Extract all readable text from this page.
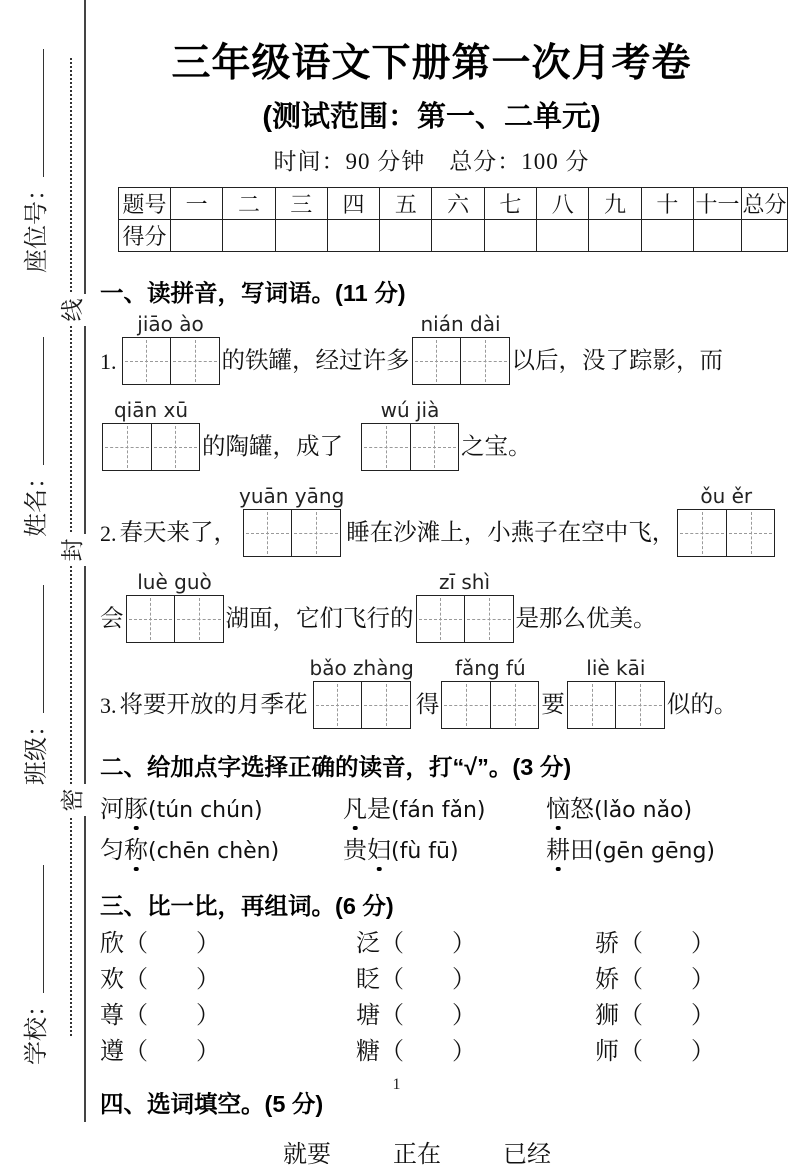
学校： 班级： 姓名： 座位号：
密
封
线
三年级语文下册第一次月考卷
(测试范围：第一、二单元)
时间：90 分钟　总分：100 分
题号	一	二	三	四	五	六	七	八	九	十	十一	总分
得分												
一、读拼音，写词语。(11 分)
1.
jiāo ào
的铁罐，经过许多
nián dài
以后，没了踪影，而
qiān xū
的陶罐，成了
wú jià
之宝。
2. 春天来了，
yuān yāng
睡在沙滩上，小燕子在空中飞，
ǒu ěr
会
luè guò
湖面，它们飞行的
zī shì
是那么优美。
3. 将要开放的月季花
bǎo zhàng
得
fǎng fú
要
liè kāi
似的。
二、给加点字选择正确的读音，打“√”。(3 分)
河豚(tún chún)	凡是(fán fǎn)	恼怒(lǎo nǎo)
匀称(chēn chèn)	贵妇(fù fū)	耕田(gēn gēng)
三、比一比，再组词。(6 分)
欣（　　）	泛（　　）	骄（　　）
欢（　　）	眨（　　）	娇（　　）
尊（　　）	塘（　　）	狮（　　）
遵（　　）	糖（　　）	师（　　）
四、选词填空。(5 分)
就要	正在	已经
1
